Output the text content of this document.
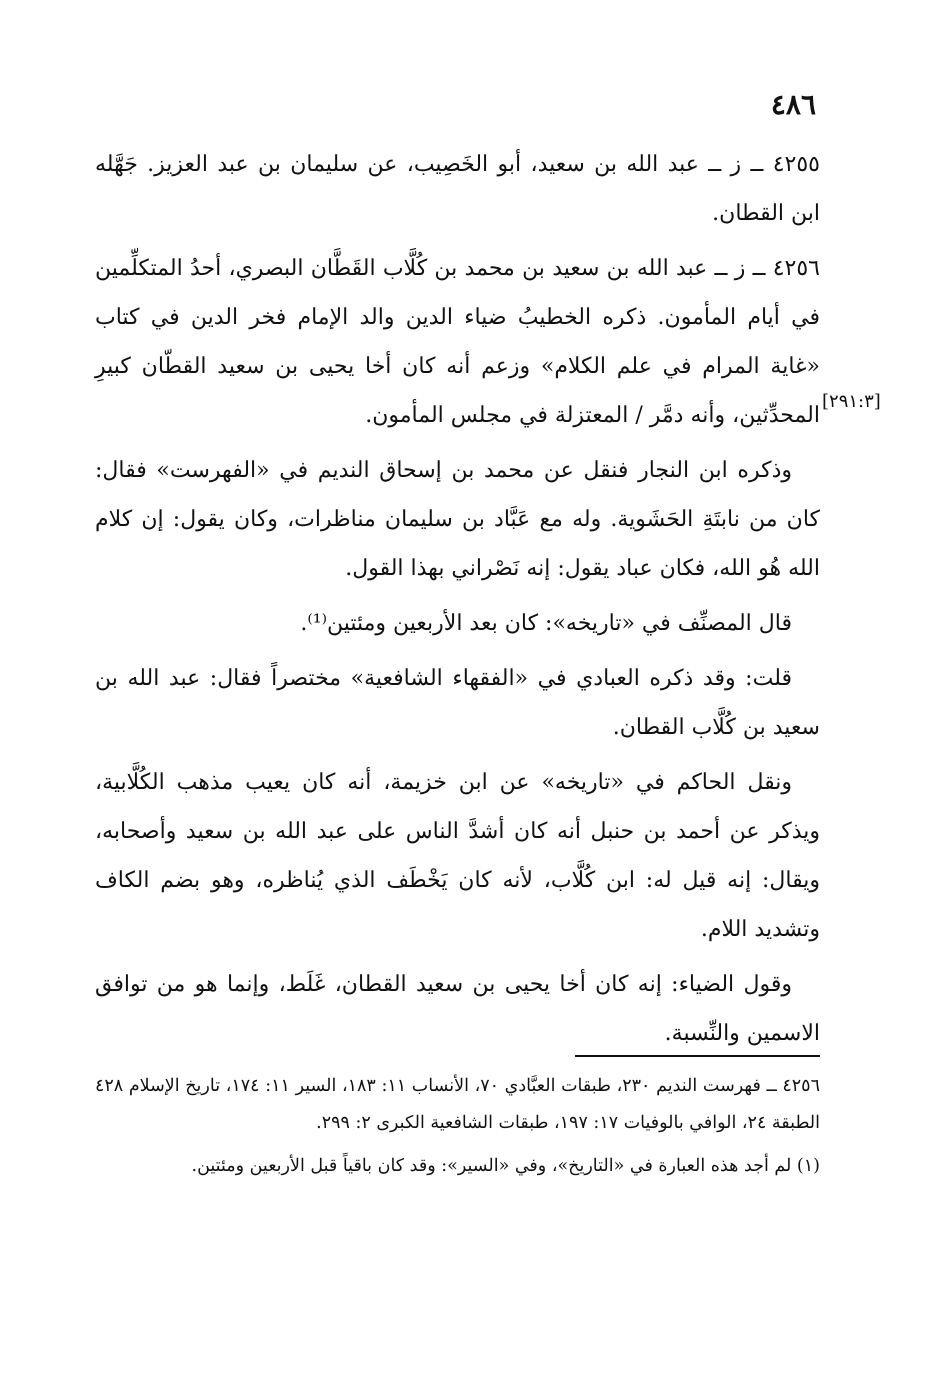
٤٨٦

٤٢٥٥ ــ ز ــ عبد الله بن سعيد، أبو الخَصِيب، عن سليمان بن عبد العزيز. جَهَّله ابن القطان.

٤٢٥٦ ــ ز ــ عبد الله بن سعيد بن محمد بن كُلَّاب القَطَّان البصري، أحدُ المتكلِّمين في أيام المأمون. ذكره الخطيبُ ضياء الدين والد الإمام فخر الدين في كتاب «غاية المرام في علم الكلام» وزعم أنه كان أخا يحيى بن سعيد القطّان كبيرِ المحدِّثين، وأنه دمَّر / المعتزلة في مجلس المأمون.

وذكره ابن النجار فنقل عن محمد بن إسحاق النديم في «الفهرست» فقال: كان من نابتَةِ الحَشَوية. وله مع عَبَّاد بن سليمان مناظرات، وكان يقول: إن كلام الله هُو الله، فكان عباد يقول: إنه نَصْراني بهذا القول.

قال المصنِّف في «تاريخه»: كان بعد الأربعين ومئتين⁽¹⁾.

قلت: وقد ذكره العبادي في «الفقهاء الشافعية» مختصراً فقال: عبد الله بن سعيد بن كُلَّاب القطان.

ونقل الحاكم في «تاريخه» عن ابن خزيمة، أنه كان يعيب مذهب الكُلَّابية، ويذكر عن أحمد بن حنبل أنه كان أشدَّ الناس على عبد الله بن سعيد وأصحابه، ويقال: إنه قيل له: ابن كُلَّاب، لأنه كان يَخْطَف الذي يُناظره، وهو بضم الكاف وتشديد اللام.

وقول الضياء: إنه كان أخا يحيى بن سعيد القطان، غَلَط، وإنما هو من توافق الاسمين والنِّسبة.

[٢٩١:٣]

٤٢٥٦ ــ فهرست النديم ٢٣٠، طبقات العبَّادي ٧٠، الأنساب ١١: ١٨٣، السير ١١: ١٧٤، تاريخ الإسلام ٤٢٨ الطبقة ٢٤، الوافي بالوفيات ١٧: ١٩٧، طبقات الشافعية الكبرى ٢: ٢٩٩.

(١) لم أجد هذه العبارة في «التاريخ»، وفي «السير»: وقد كان باقياً قبل الأربعين ومئتين.
